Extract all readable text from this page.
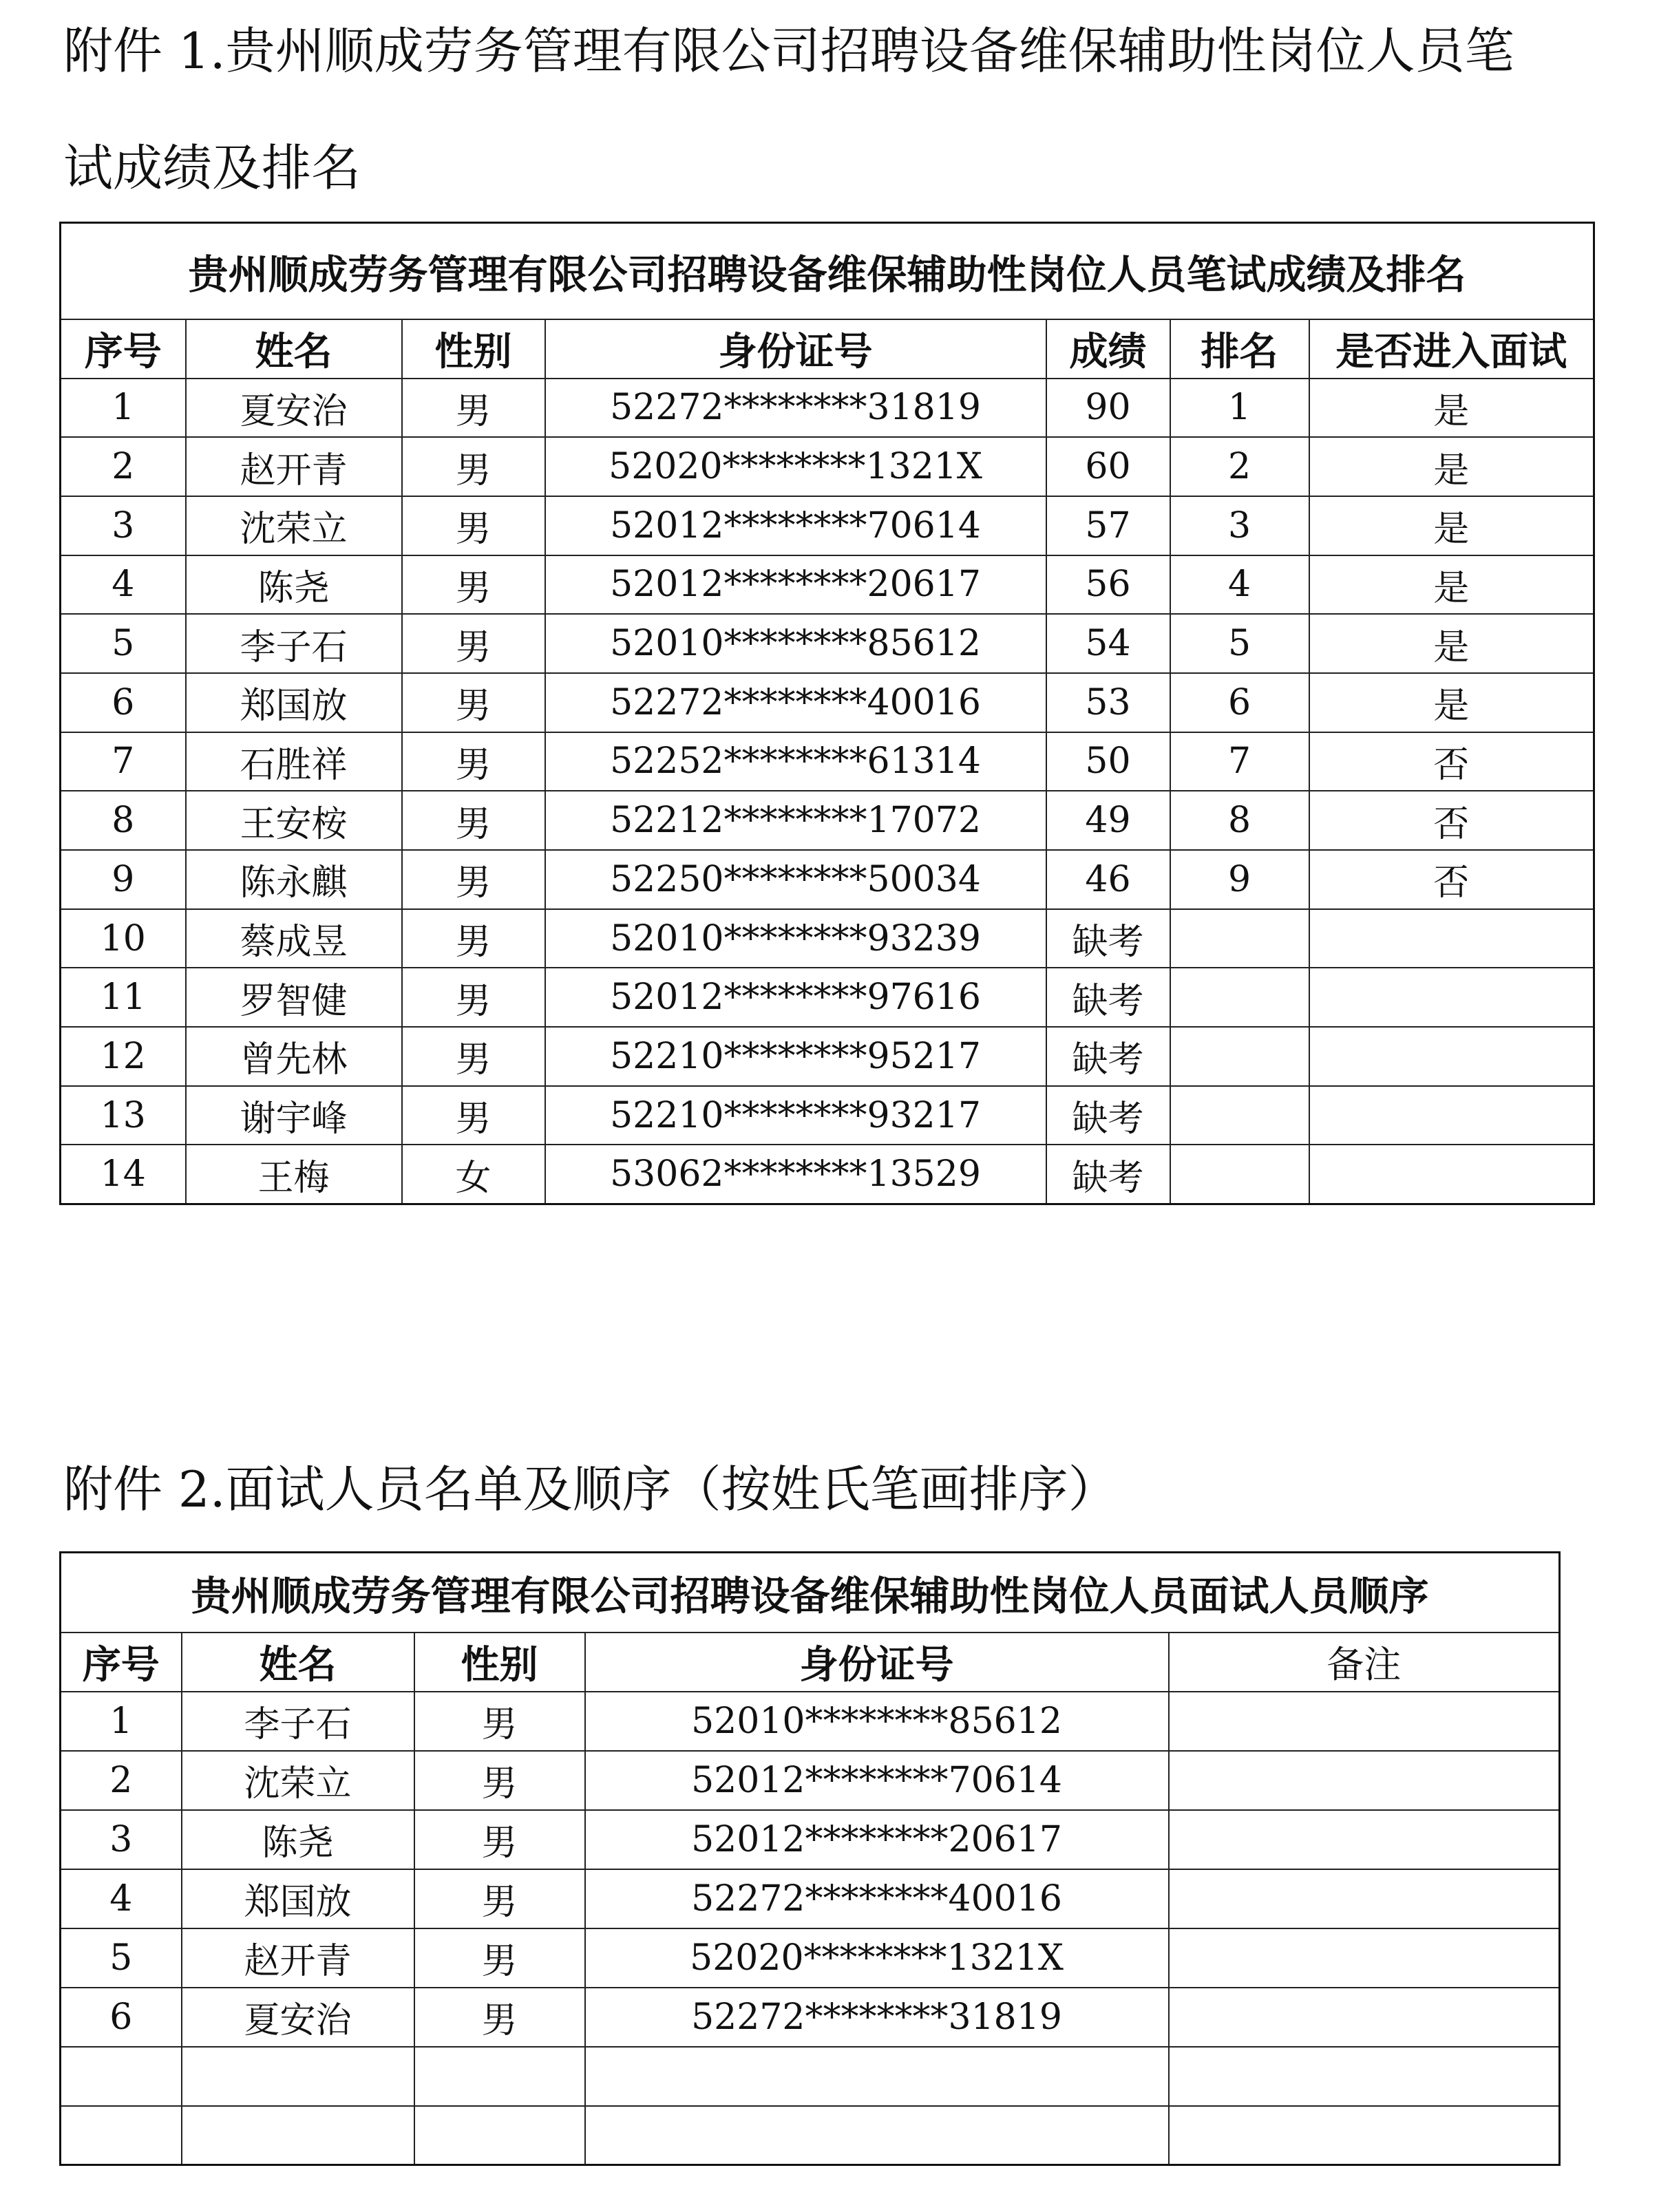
附件 1.贵州顺成劳务管理有限公司招聘设备维保辅助性岗位人员笔
试成绩及排名
贵州顺成劳务管理有限公司招聘设备维保辅助性岗位人员笔试成绩及排名						
序号	姓名	性别	身份证号	成绩	排名	是否进入面试
1	夏安治	男	52272********31819	90	1	是
2	赵开青	男	52020********1321X	60	2	是
3	沈荣立	男	52012********70614	57	3	是
4	陈尧	男	52012********20617	56	4	是
5	李子石	男	52010********85612	54	5	是
6	郑国放	男	52272********40016	53	6	是
7	石胜祥	男	52252********61314	50	7	否
8	王安桉	男	52212********17072	49	8	否
9	陈永麒	男	52250********50034	46	9	否
10	蔡成昱	男	52010********93239	缺考		
11	罗智健	男	52012********97616	缺考		
12	曾先林	男	52210********95217	缺考		
13	谢宇峰	男	52210********93217	缺考		
14	王梅	女	53062********13529	缺考		
附件 2.面试人员名单及顺序（按姓氏笔画排序）
贵州顺成劳务管理有限公司招聘设备维保辅助性岗位人员面试人员顺序				
序号	姓名	性别	身份证号	备注
1	李子石	男	52010********85612	
2	沈荣立	男	52012********70614	
3	陈尧	男	52012********20617	
4	郑国放	男	52272********40016	
5	赵开青	男	52020********1321X	
6	夏安治	男	52272********31819	
